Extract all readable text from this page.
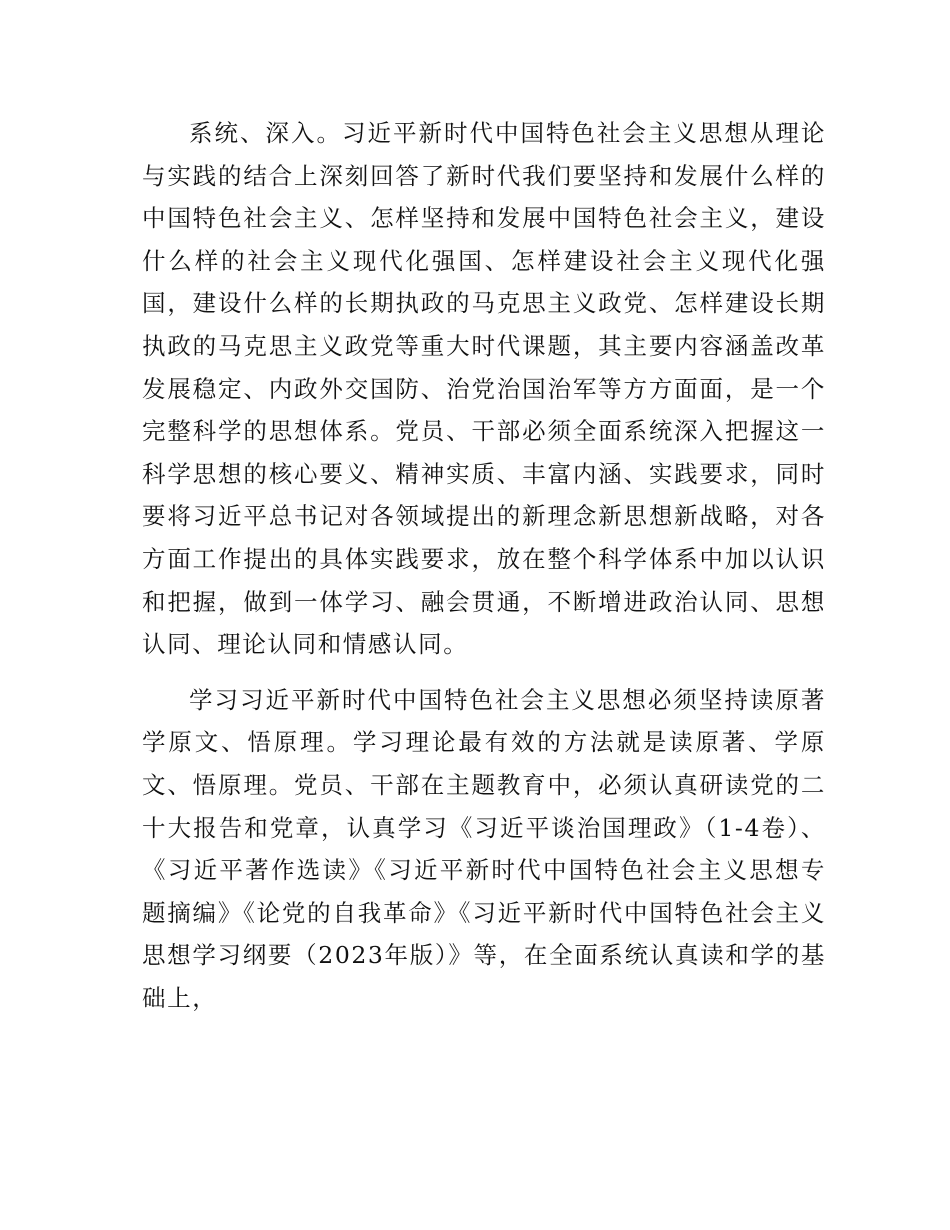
系统、深入。习近平新时代中国特色社会主义思想从理论与实践的结合上深刻回答了新时代我们要坚持和发展什么样的中国特色社会主义、怎样坚持和发展中国特色社会主义，建设什么样的社会主义现代化强国、怎样建设社会主义现代化强国，建设什么样的长期执政的马克思主义政党、怎样建设长期执政的马克思主义政党等重大时代课题，其主要内容涵盖改革发展稳定、内政外交国防、治党治国治军等方方面面，是一个完整科学的思想体系。党员、干部必须全面系统深入把握这一科学思想的核心要义、精神实质、丰富内涵、实践要求，同时要将习近平总书记对各领域提出的新理念新思想新战略，对各方面工作提出的具体实践要求，放在整个科学体系中加以认识和把握，做到一体学习、融会贯通，不断增进政治认同、思想认同、理论认同和情感认同。

学习习近平新时代中国特色社会主义思想必须坚持读原著学原文、悟原理。学习理论最有效的方法就是读原著、学原文、悟原理。党员、干部在主题教育中，必须认真研读党的二十大报告和党章，认真学习《习近平谈治国理政》（1-4卷）、《习近平著作选读》《习近平新时代中国特色社会主义思想专题摘编》《论党的自我革命》《习近平新时代中国特色社会主义思想学习纲要（2023年版）》等，在全面系统认真读和学的基础上，
